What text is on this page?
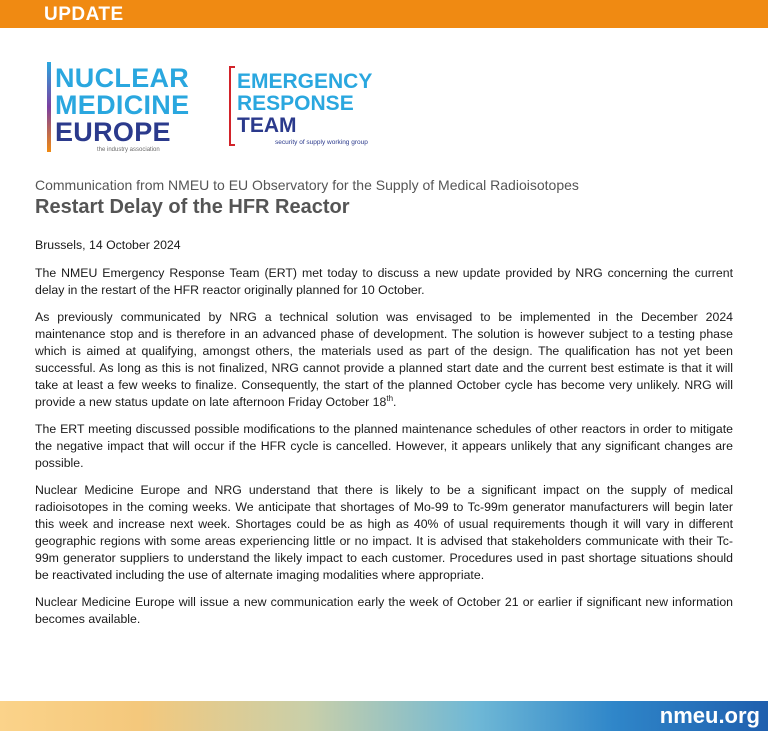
UPDATE
NUCLEAR
MEDICINE
EUROPE
the industry association
EMERGENCY
RESPONSE
TEAM
security of supply working group
Communication from NMEU to EU Observatory for the Supply of Medical Radioisotopes
Restart Delay of the HFR Reactor

Brussels, 14 October 2024

The NMEU Emergency Response Team (ERT) met today to discuss a new update provided by NRG concerning the current delay in the restart of the HFR reactor originally planned for 10 October.

As previously communicated by NRG a technical solution was envisaged to be implemented in the December 2024 maintenance stop and is therefore in an advanced phase of development. The solution is however subject to a testing phase which is aimed at qualifying, amongst others, the materials used as part of the design. The qualification has not yet been successful. As long as this is not finalized, NRG cannot provide a planned start date and the current best estimate is that it will take at least a few weeks to finalize. Consequently, the start of the planned October cycle has become very unlikely. NRG will provide a new status update on late afternoon Friday October 18th.

The ERT meeting discussed possible modifications to the planned maintenance schedules of other reactors in order to mitigate the negative impact that will occur if the HFR cycle is cancelled. However, it appears unlikely that any significant changes are possible.

Nuclear Medicine Europe and NRG understand that there is likely to be a significant impact on the supply of medical radioisotopes in the coming weeks. We anticipate that shortages of Mo-99 to Tc-99m generator manufacturers will begin later this week and increase next week. Shortages could be as high as 40% of usual requirements though it will vary in different geographic regions with some areas experiencing little or no impact. It is advised that stakeholders communicate with their Tc-99m generator suppliers to understand the likely impact to each customer. Procedures used in past shortage situations should be reactivated including the use of alternate imaging modalities where appropriate.

Nuclear Medicine Europe will issue a new communication early the week of October 21 or earlier if significant new information becomes available.

nmeu.org
